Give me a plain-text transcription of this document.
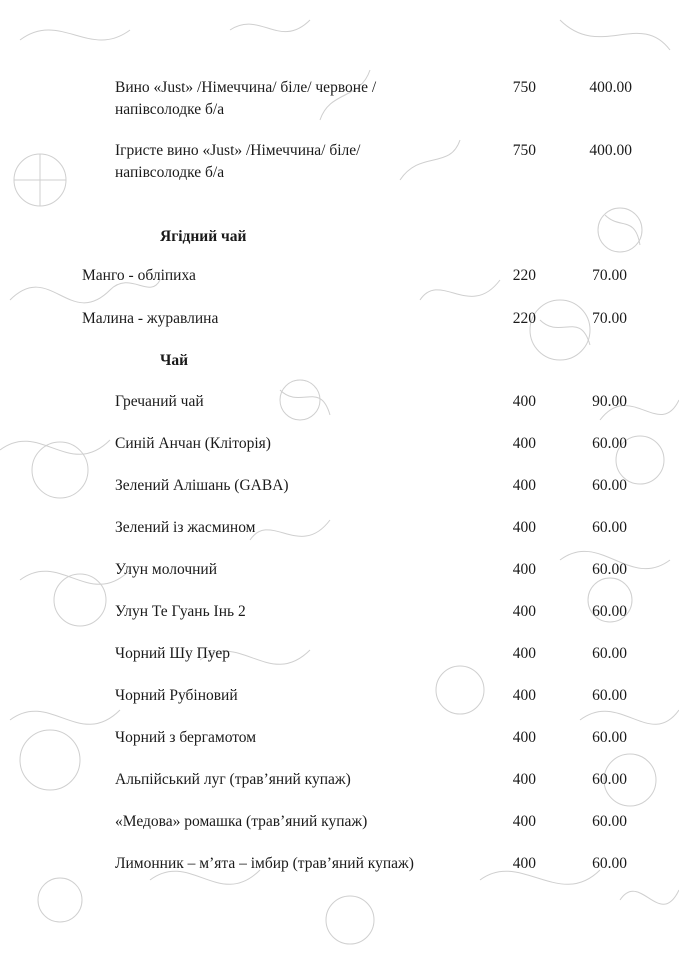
Вино «Just» /Німеччина/ біле/ червоне /
напівсолодке б/а
750	400.00
Ігристе вино «Just» /Німеччина/ біле/
напівсолодке б/а
750	400.00
Ягідний чай
Манго - обліпиха	220	70.00
Малина - журавлина	220	70.00
Чай
Гречаний чай	400	90.00
Синій Анчан (Кліторія)	400	60.00
Зелений Алішань (GABA)	400	60.00
Зелений із жасмином	400	60.00
Улун молочний	400	60.00
Улун Те Гуань Інь 2	400	60.00
Чорний Шу Пуер	400	60.00
Чорний Рубіновий	400	60.00
Чорний з бергамотом	400	60.00
Альпійський луг (трав’яний купаж)	400	60.00
«Медова» ромашка (трав’яний купаж)	400	60.00
Лимонник – м’ята – імбир (трав’яний купаж)	400	60.00
